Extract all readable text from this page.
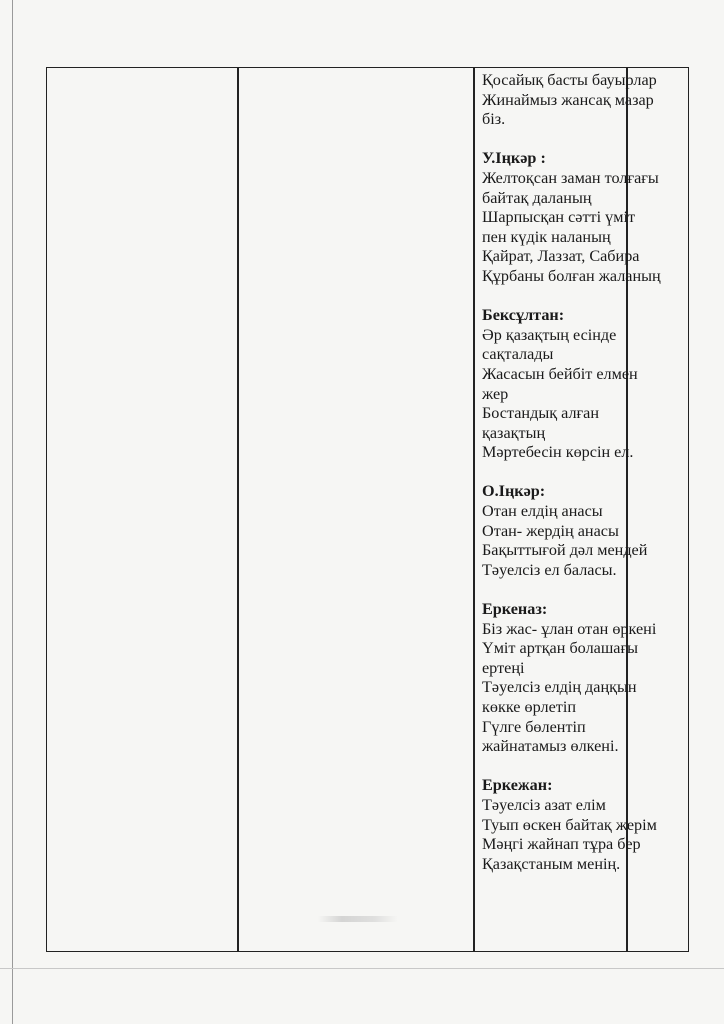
Қосайық басты бауырлар
Жинаймыз жансақ мазар
біз.
У.Іңкәр :
Желтоқсан заман толғағы
байтақ даланың
Шарпысқан сәтті үміт
пен күдік наланың
Қайрат, Лаззат, Сабира
Құрбаны болған жаланың
Бексұлтан:
Әр қазақтың есінде
сақталады
Жасасын бейбіт елмен
жер
Бостандық алған
қазақтың
Мәртебесін көрсін ел.
О.Іңкәр:
Отан елдің анасы
Отан- жердің анасы
Бақыттығой дәл мендей
Тәуелсіз ел баласы.
Еркеназ:
Біз жас- ұлан отан өркені
Үміт артқан болашағы
ертеңі
Тәуелсіз елдің даңқын
көкке өрлетіп
Гүлге бөлентіп
жайнатамыз өлкені.
Еркежан:
Тәуелсіз азат елім
Туып өскен байтақ жерім
Мәңгі жайнап тұра бер
Қазақстаным менің.
